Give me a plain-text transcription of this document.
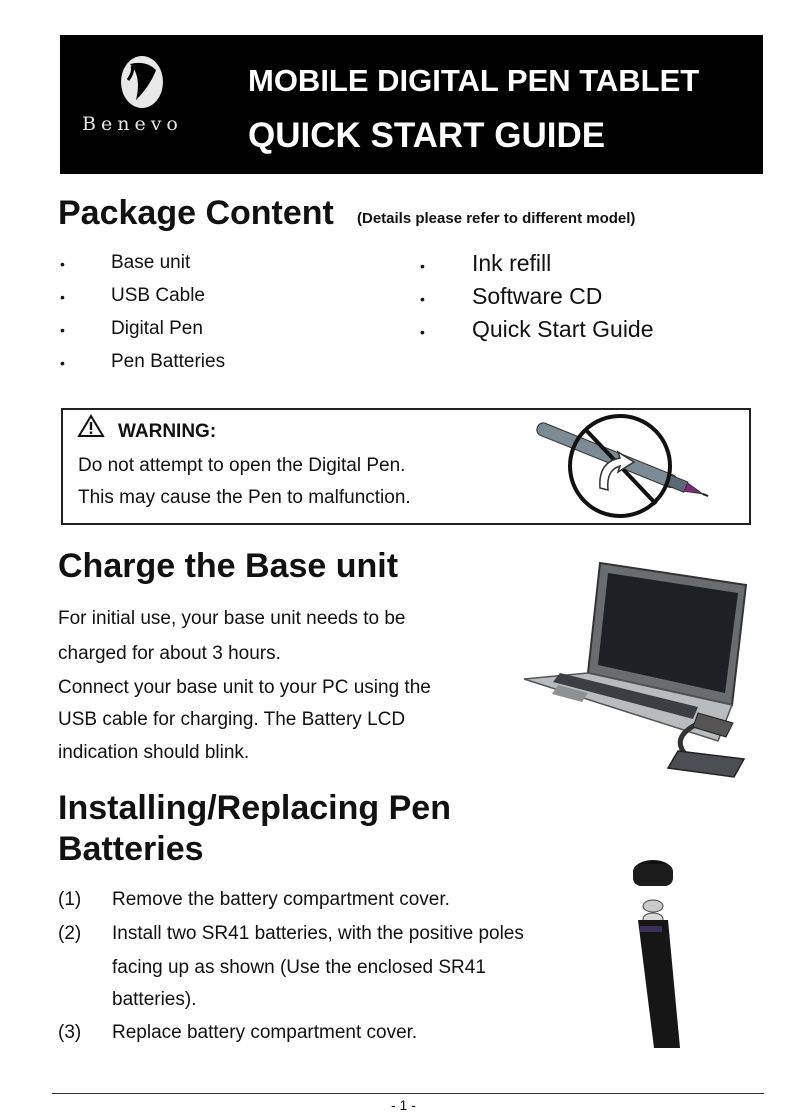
Benevo
MOBILE DIGITAL PEN TABLET
QUICK START GUIDE
Package Content (Details please refer to different model)
• Base unit
• USB Cable
• Digital Pen
• Pen Batteries
• Ink refill
• Software CD
• Quick Start Guide
WARNING:
Do not attempt to open the Digital Pen.
This may cause the Pen to malfunction.
Charge the Base unit
For initial use, your base unit needs to be
charged for about 3 hours.
Connect your base unit to your PC using the
USB cable for charging. The Battery LCD
indication should blink.
Installing/Replacing Pen
Batteries
(1) Remove the battery compartment cover.
(2) Install two SR41 batteries, with the positive poles
facing up as shown (Use the enclosed SR41
batteries).
(3) Replace battery compartment cover.
- 1 -
